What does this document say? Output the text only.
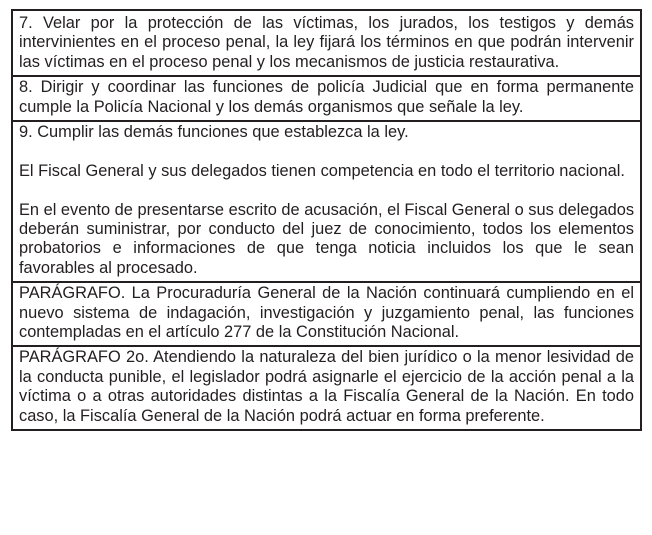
7. Velar por la protección de las víctimas, los jurados, los testigos y demás intervinientes en el proceso penal, la ley fijará los términos en que podrán intervenir las víctimas en el proceso penal y los mecanismos de justicia restaurativa.

8. Dirigir y coordinar las funciones de policía Judicial que en forma permanente cumple la Policía Nacional y los demás organismos que señale la ley.

9. Cumplir las demás funciones que establezca la ley.

El Fiscal General y sus delegados tienen competencia en todo el territorio nacional.

En el evento de presentarse escrito de acusación, el Fiscal General o sus delegados deberán suministrar, por conducto del juez de conocimiento, todos los elementos probatorios e informaciones de que tenga noticia incluidos los que le sean favorables al procesado.

PARÁGRAFO. La Procuraduría General de la Nación continuará cumpliendo en el nuevo sistema de indagación, investigación y juzgamiento penal, las funciones contempladas en el artículo 277 de la Constitución Nacional.

PARÁGRAFO 2o. Atendiendo la naturaleza del bien jurídico o la menor lesividad de la conducta punible, el legislador podrá asignarle el ejercicio de la acción penal a la víctima o a otras autoridades distintas a la Fiscalía General de la Nación. En todo caso, la Fiscalía General de la Nación podrá actuar en forma preferente.
